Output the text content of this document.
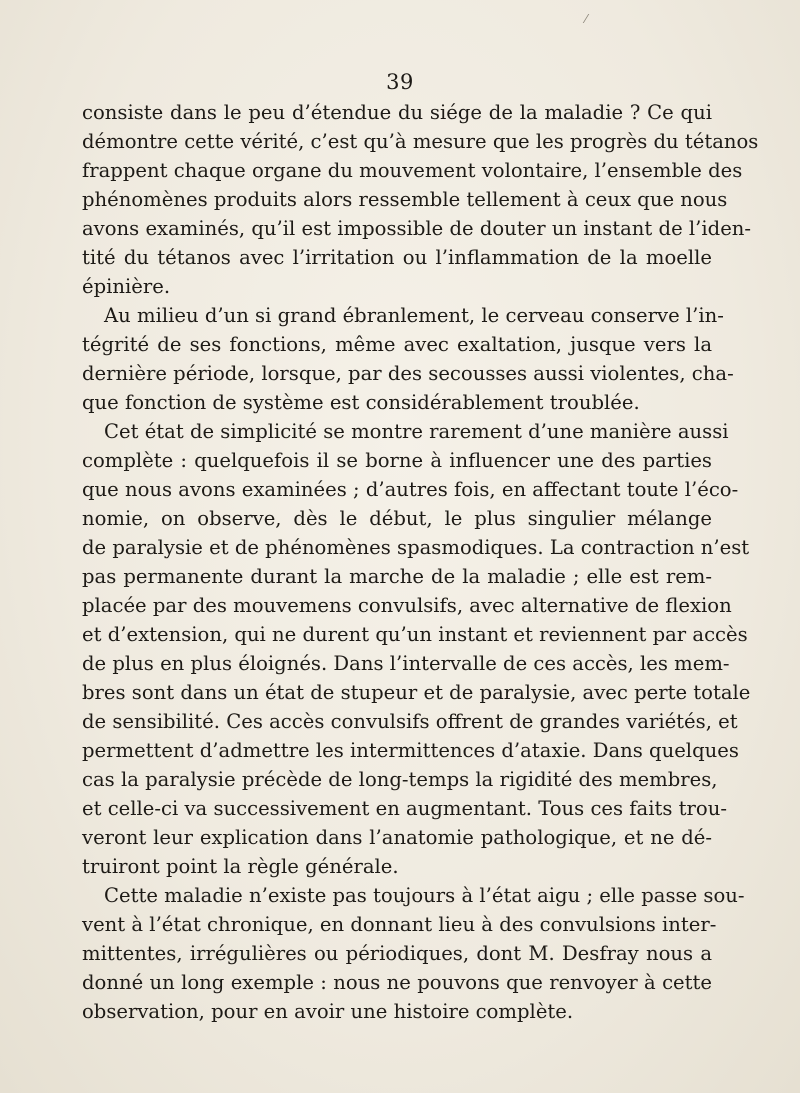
⁄
39
consiste dans le peu d’étendue du siége de la maladie ? Ce qui
démontre cette vérité, c’est qu’à mesure que les progrès du tétanos
frappent chaque organe du mouvement volontaire, l’ensemble des
phénomènes produits alors ressemble tellement à ceux que nous
avons examinés, qu’il est impossible de douter un instant de l’iden-
tité du tétanos avec l’irritation ou l’inflammation de la moelle
épinière.
Au milieu d’un si grand ébranlement, le cerveau conserve l’in-
tégrité de ses fonctions, même avec exaltation, jusque vers la
dernière période, lorsque, par des secousses aussi violentes, cha-
que fonction de système est considérablement troublée.
Cet état de simplicité se montre rarement d’une manière aussi
complète : quelquefois il se borne à influencer une des parties
que nous avons examinées ; d’autres fois, en affectant toute l’éco-
nomie, on observe, dès le début, le plus singulier mélange
de paralysie et de phénomènes spasmodiques. La contraction n’est
pas permanente durant la marche de la maladie ; elle est rem-
placée par des mouvemens convulsifs, avec alternative de flexion
et d’extension, qui ne durent qu’un instant et reviennent par accès
de plus en plus éloignés. Dans l’intervalle de ces accès, les mem-
bres sont dans un état de stupeur et de paralysie, avec perte totale
de sensibilité. Ces accès convulsifs offrent de grandes variétés, et
permettent d’admettre les intermittences d’ataxie. Dans quelques
cas la paralysie précède de long-temps la rigidité des membres,
et celle-ci va successivement en augmentant. Tous ces faits trou-
veront leur explication dans l’anatomie pathologique, et ne dé-
truiront point la règle générale.
Cette maladie n’existe pas toujours à l’état aigu ; elle passe sou-
vent à l’état chronique, en donnant lieu à des convulsions inter-
mittentes, irrégulières ou périodiques, dont M. Desfray nous a
donné un long exemple : nous ne pouvons que renvoyer à cette
observation, pour en avoir une histoire complète.
